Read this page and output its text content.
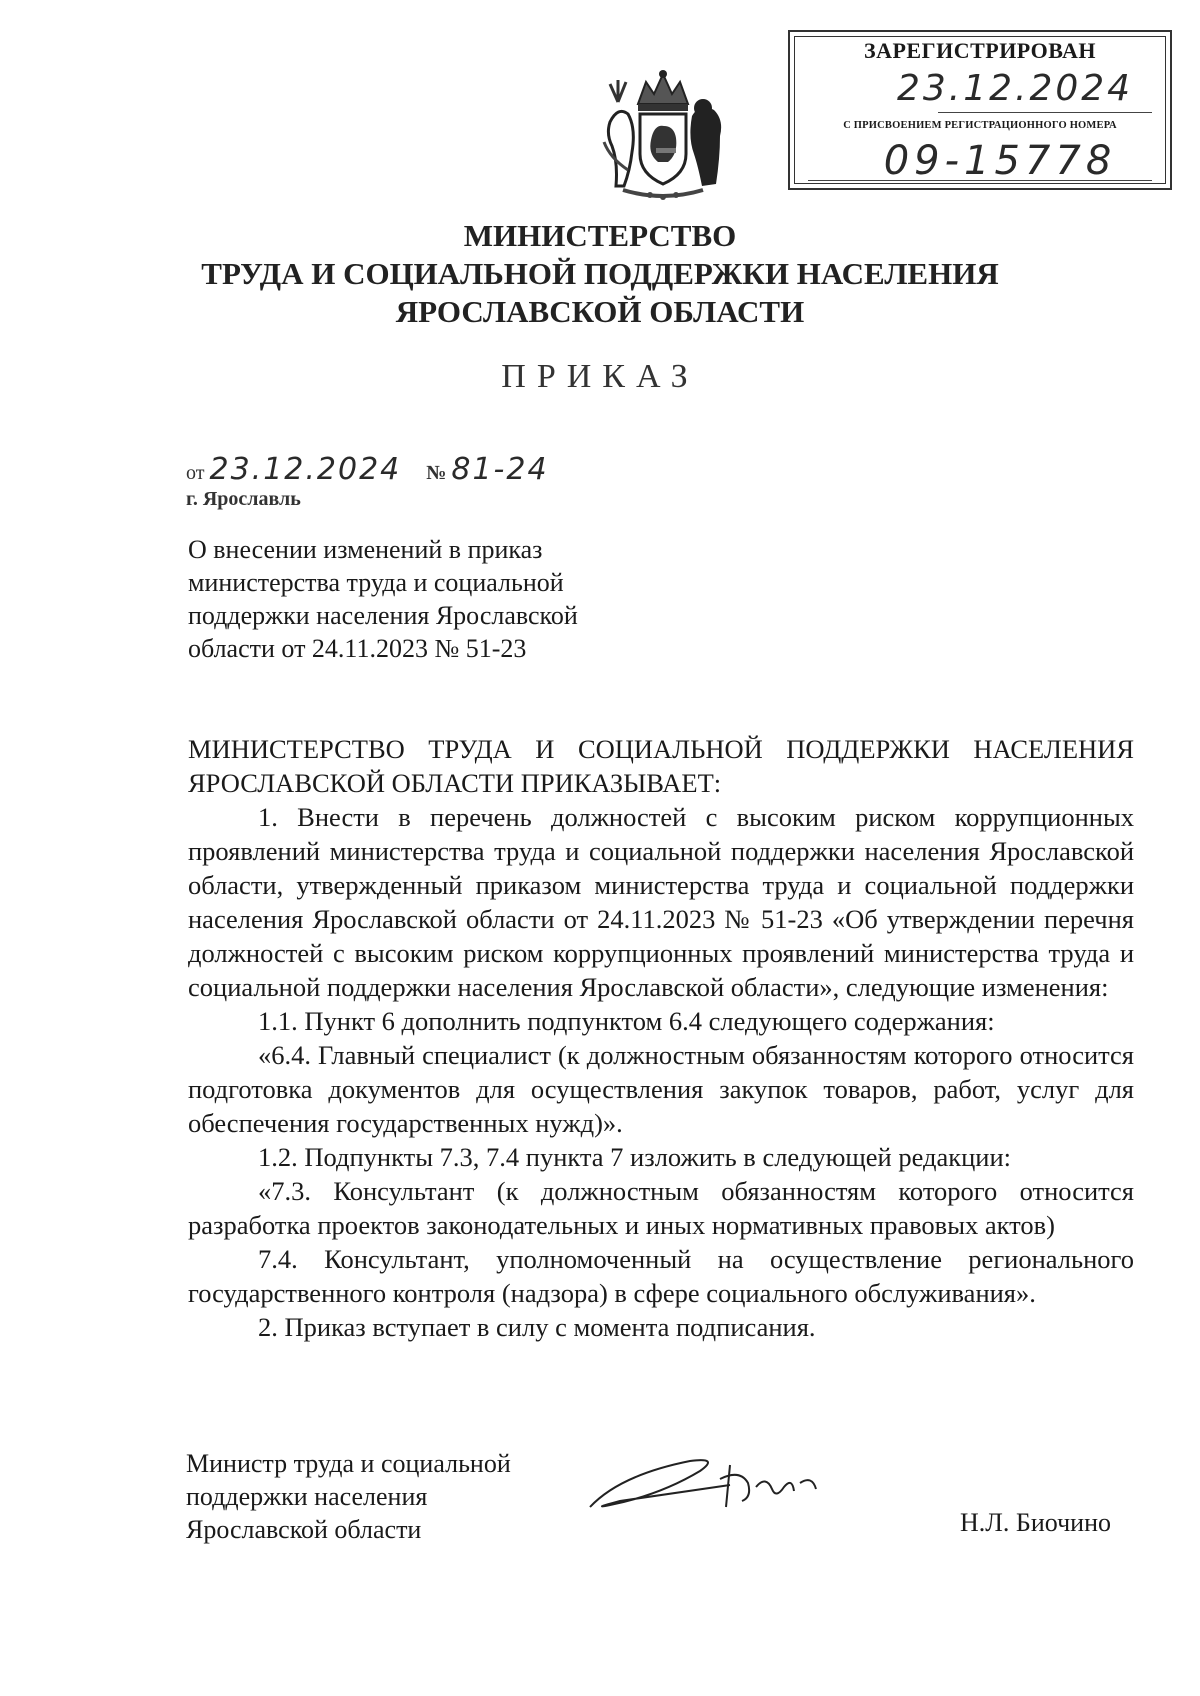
ЗАРЕГИСТРИРОВАН
23.12.2024
С ПРИСВОЕНИЕМ РЕГИСТРАЦИОННОГО НОМЕРА
09-15778
МИНИСТЕРСТВО
ТРУДА И СОЦИАЛЬНОЙ ПОДДЕРЖКИ НАСЕЛЕНИЯ
ЯРОСЛАВСКОЙ ОБЛАСТИ
ПРИКАЗ
от 23.12.2024 № 81-24
г. Ярославль
О внесении изменений в приказ
министерства труда и социальной
поддержки населения Ярославской
области от 24.11.2023 № 51-23

МИНИСТЕРСТВО ТРУДА И СОЦИАЛЬНОЙ ПОДДЕРЖКИ НАСЕЛЕНИЯ

ЯРОСЛАВСКОЙ ОБЛАСТИ ПРИКАЗЫВАЕТ:

1. Внести в перечень должностей с высоким риском коррупционных проявлений министерства труда и социальной поддержки населения Ярославской области, утвержденный приказом министерства труда и социальной поддержки населения Ярославской области от 24.11.2023 № 51-23 «Об утверждении перечня должностей с высоким риском коррупционных проявлений министерства труда и социальной поддержки населения Ярославской области», следующие изменения:

1.1. Пункт 6 дополнить подпунктом 6.4 следующего содержания:

«6.4. Главный специалист (к должностным обязанностям которого относится подготовка документов для осуществления закупок товаров, работ, услуг для обеспечения государственных нужд)».

1.2. Подпункты 7.3, 7.4 пункта 7 изложить в следующей редакции:

«7.3. Консультант (к должностным обязанностям которого относится разработка проектов законодательных и иных нормативных правовых актов)

7.4. Консультант, уполномоченный на осуществление регионального государственного контроля (надзора) в сфере социального обслуживания».

2. Приказ вступает в силу с момента подписания.

Министр труда и социальной
поддержки населения
Ярославской области	Н.Л. Биочино
